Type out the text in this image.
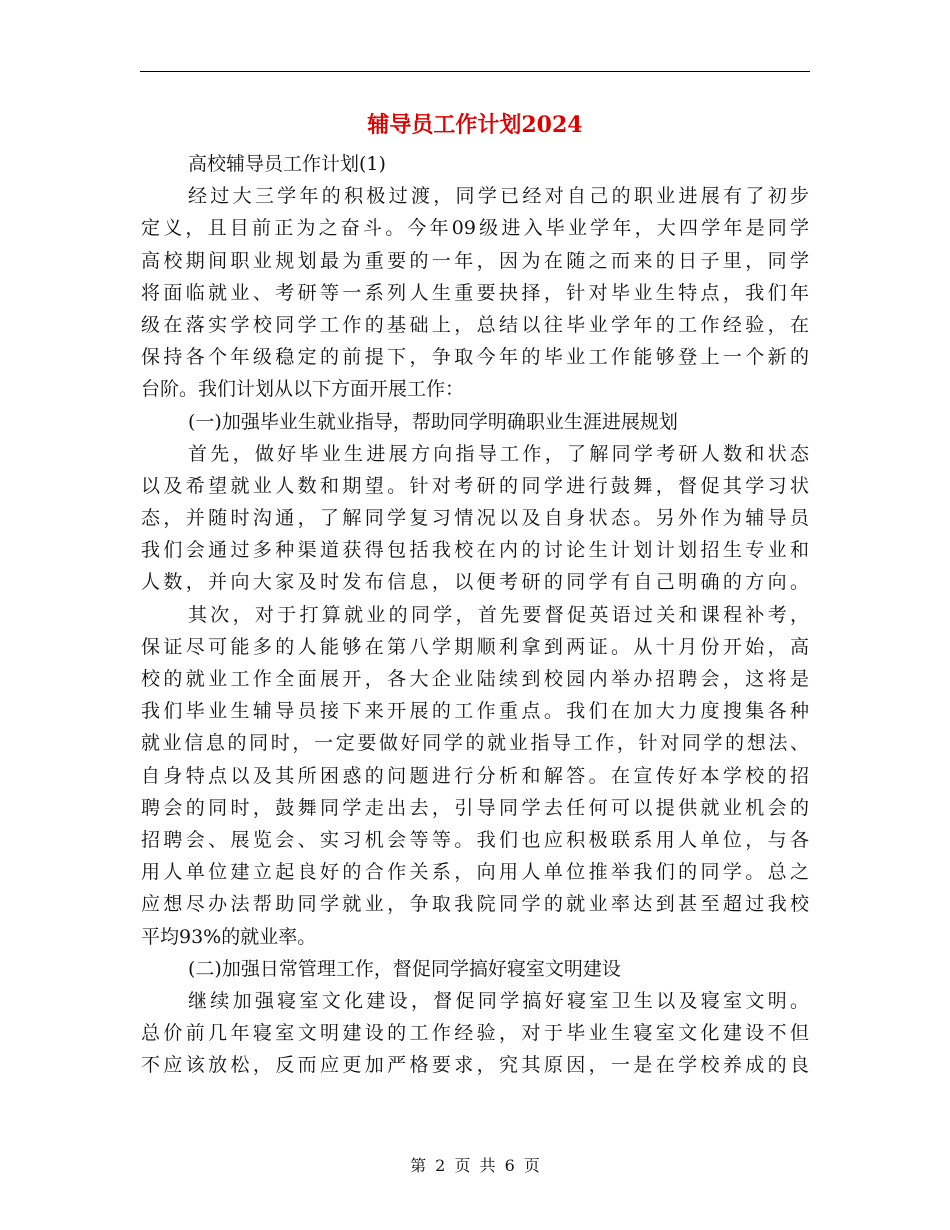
辅导员工作计划2024
高校辅导员工作计划(1)
经过大三学年的积极过渡，同学已经对自己的职业进展有了初步
定义，且目前正为之奋斗。今年09级进入毕业学年，大四学年是同学
高校期间职业规划最为重要的一年，因为在随之而来的日子里，同学
将面临就业、考研等一系列人生重要抉择，针对毕业生特点，我们年
级在落实学校同学工作的基础上，总结以往毕业学年的工作经验，在
保持各个年级稳定的前提下，争取今年的毕业工作能够登上一个新的
台阶。我们计划从以下方面开展工作：
(一)加强毕业生就业指导，帮助同学明确职业生涯进展规划
首先，做好毕业生进展方向指导工作，了解同学考研人数和状态
以及希望就业人数和期望。针对考研的同学进行鼓舞，督促其学习状
态，并随时沟通，了解同学复习情况以及自身状态。另外作为辅导员
我们会通过多种渠道获得包括我校在内的讨论生计划计划招生专业和
人数，并向大家及时发布信息，以便考研的同学有自己明确的方向。
其次，对于打算就业的同学，首先要督促英语过关和课程补考，
保证尽可能多的人能够在第八学期顺利拿到两证。从十月份开始，高
校的就业工作全面展开，各大企业陆续到校园内举办招聘会，这将是
我们毕业生辅导员接下来开展的工作重点。我们在加大力度搜集各种
就业信息的同时，一定要做好同学的就业指导工作，针对同学的想法、
自身特点以及其所困惑的问题进行分析和解答。在宣传好本学校的招
聘会的同时，鼓舞同学走出去，引导同学去任何可以提供就业机会的
招聘会、展览会、实习机会等等。我们也应积极联系用人单位，与各
用人单位建立起良好的合作关系，向用人单位推举我们的同学。总之
应想尽办法帮助同学就业，争取我院同学的就业率达到甚至超过我校
平均93%的就业率。
(二)加强日常管理工作，督促同学搞好寝室文明建设
继续加强寝室文化建设，督促同学搞好寝室卫生以及寝室文明。
总价前几年寝室文明建设的工作经验，对于毕业生寝室文化建设不但
不应该放松，反而应更加严格要求，究其原因，一是在学校养成的良
第 2 页 共 6 页
